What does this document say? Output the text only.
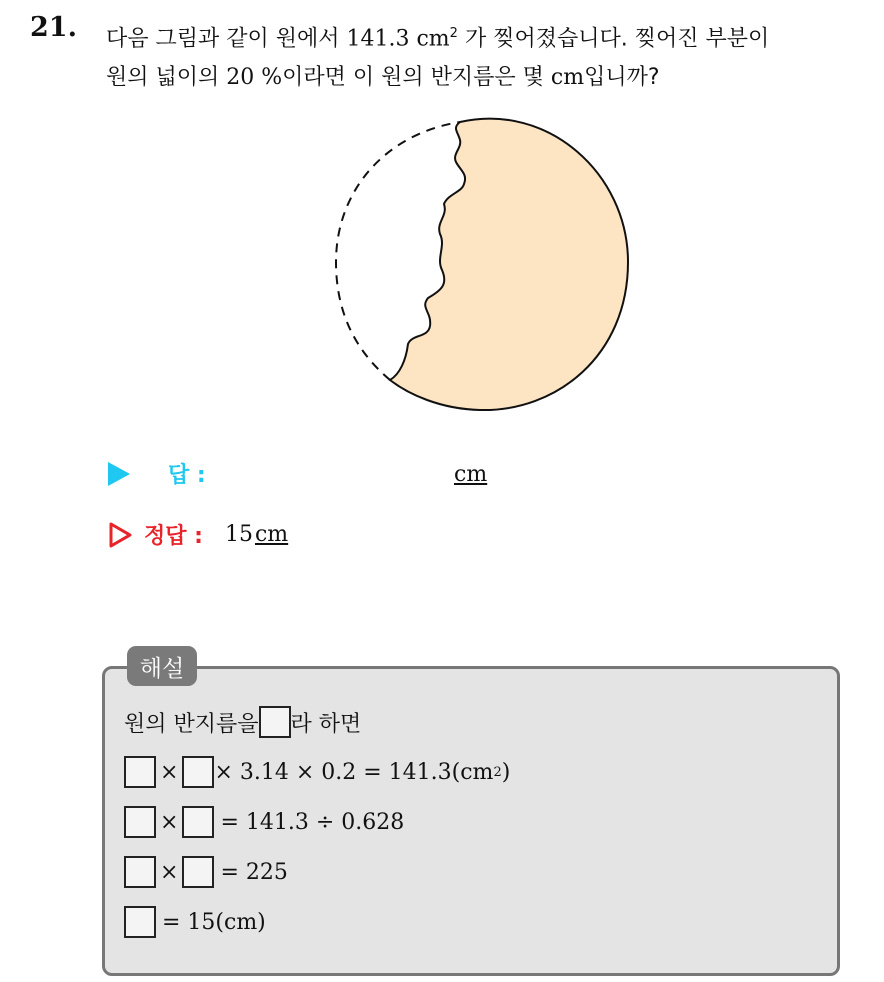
21. 다음 그림과 같이 원에서 141.3 $cm^2$ 가 찢어졌습니다. 찢어진 부분이
원의 넓이의 20 %이라면 이 원의 반지름은 몇 cm입니까?
답 :	cm
정답 : 15cm
해설
원의 반지름을 라 하면
× × 3.14 × 0.2 = 141.3(cm 2 )
× = 141.3 ÷ 0.628
× = 225
= 15(cm)
